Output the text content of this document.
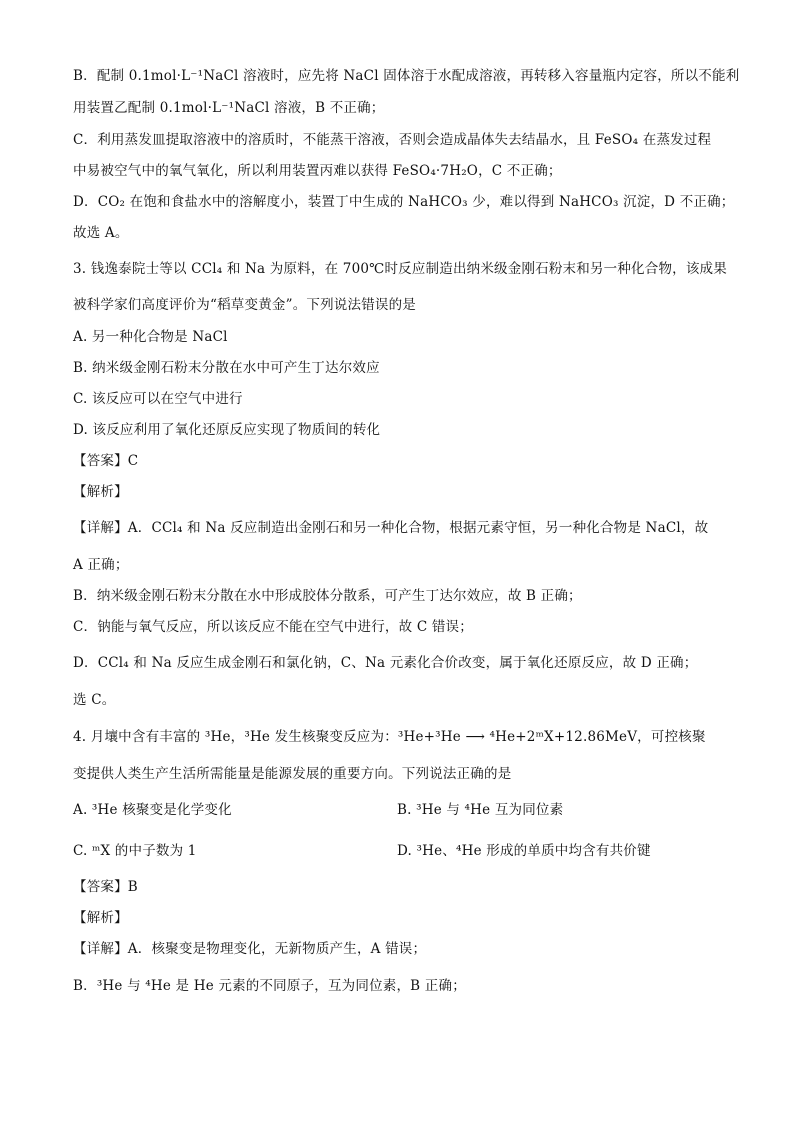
B．配制 0.1mol·L⁻¹NaCl 溶液时，应先将 NaCl 固体溶于水配成溶液，再转移入容量瓶内定容，所以不能利
用装置乙配制 0.1mol·L⁻¹NaCl 溶液，B 不正确；
C．利用蒸发皿提取溶液中的溶质时，不能蒸干溶液，否则会造成晶体失去结晶水，且 FeSO₄ 在蒸发过程
中易被空气中的氧气氧化，所以利用装置丙难以获得 FeSO₄·7H₂O，C 不正确；
D．CO₂ 在饱和食盐水中的溶解度小，装置丁中生成的 NaHCO₃ 少，难以得到 NaHCO₃ 沉淀，D 不正确；
故选 A。
3. 钱逸泰院士等以 CCl₄ 和 Na 为原料，在 700℃时反应制造出纳米级金刚石粉末和另一种化合物，该成果
被科学家们高度评价为“稻草变黄金”。下列说法错误的是
A. 另一种化合物是 NaCl
B. 纳米级金刚石粉末分散在水中可产生丁达尔效应
C. 该反应可以在空气中进行
D. 该反应利用了氧化还原反应实现了物质间的转化
【答案】C
【解析】
【详解】A．CCl₄ 和 Na 反应制造出金刚石和另一种化合物，根据元素守恒，另一种化合物是 NaCl，故
A 正确；
B．纳米级金刚石粉末分散在水中形成胶体分散系，可产生丁达尔效应，故 B 正确；
C．钠能与氧气反应，所以该反应不能在空气中进行，故 C 错误；
D．CCl₄ 和 Na 反应生成金刚石和氯化钠，C、Na 元素化合价改变，属于氧化还原反应，故 D 正确；
选 C。
4. 月壤中含有丰富的 ³He，³He 发生核聚变反应为：³He+³He ⟶ ⁴He+2ᵐX+12.86MeV，可控核聚
变提供人类生产生活所需能量是能源发展的重要方向。下列说法正确的是
A. ³He 核聚变是化学变化	B. ³He 与 ⁴He 互为同位素
C. ᵐX 的中子数为 1	D. ³He、⁴He 形成的单质中均含有共价键
【答案】B
【解析】
【详解】A．核聚变是物理变化，无新物质产生，A 错误；
B．³He 与 ⁴He 是 He 元素的不同原子，互为同位素，B 正确；
